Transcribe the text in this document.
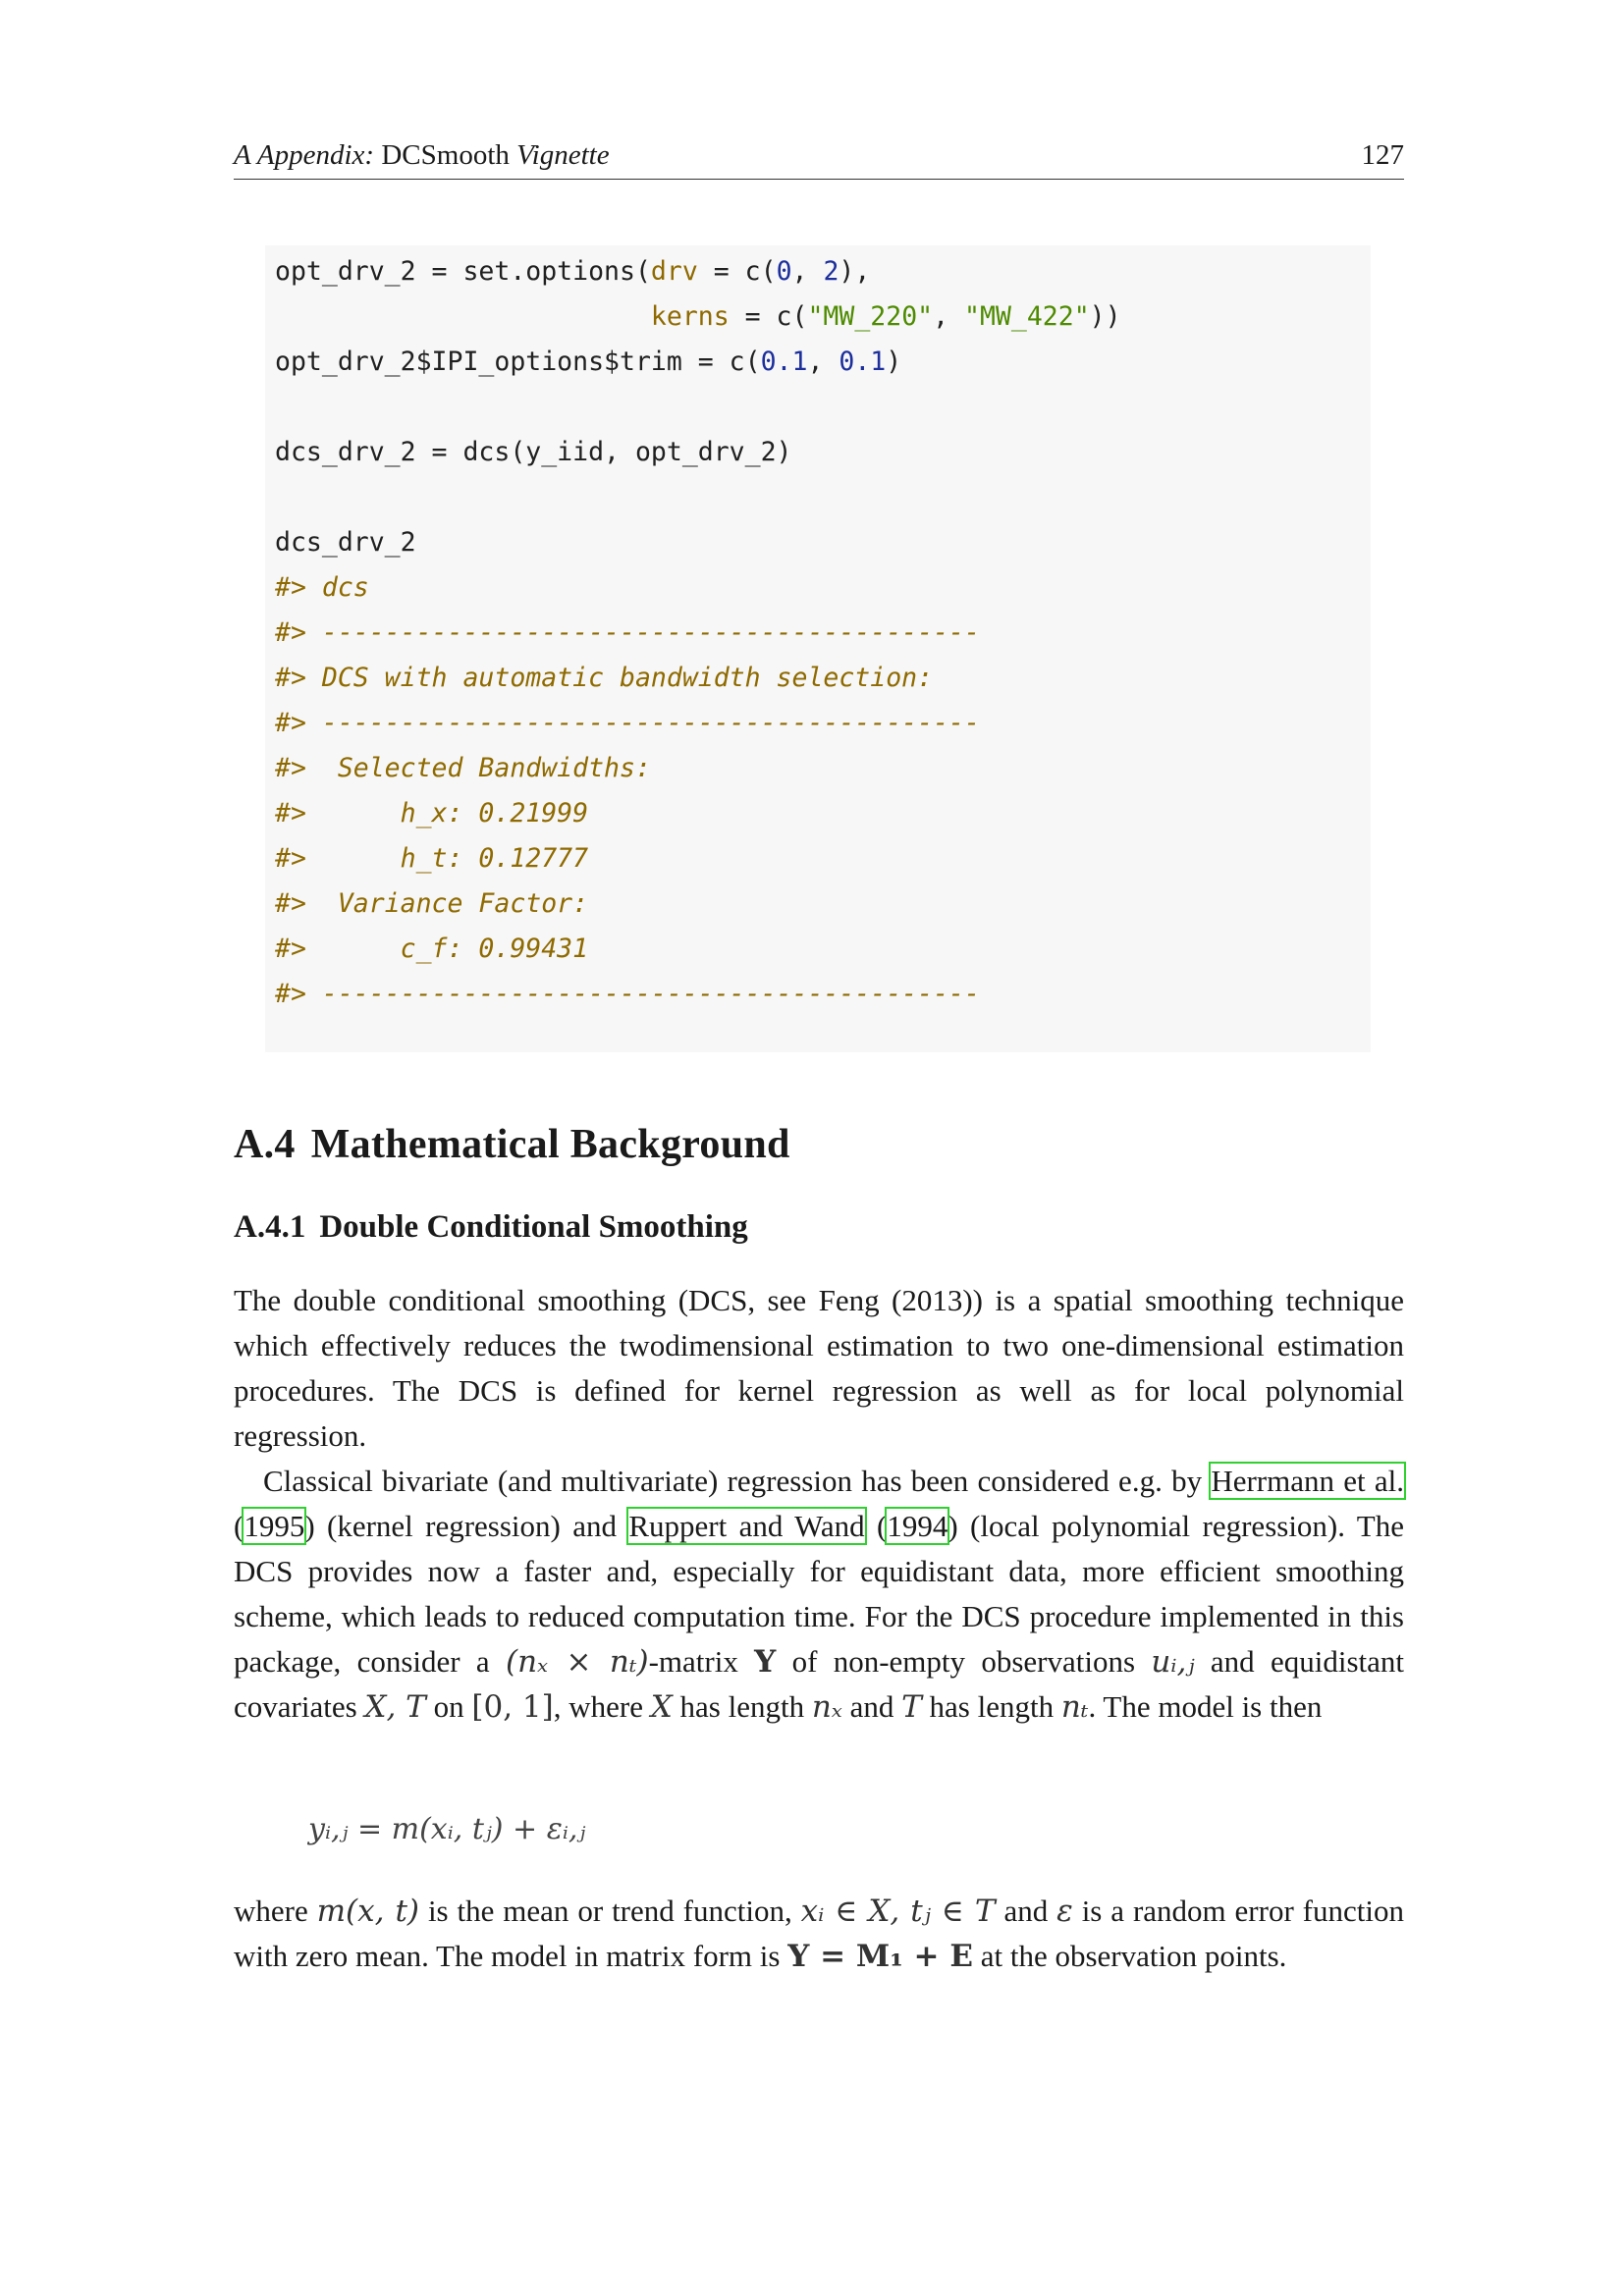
A Appendix: DCSmooth Vignette	127
opt_drv_2 = set.options(drv = c(0, 2),
kerns = c("MW_220", "MW_422"))
opt_drv_2$IPI_options$trim = c(0.1, 0.1)

dcs_drv_2 = dcs(y_iid, opt_drv_2)

dcs_drv_2
#> dcs
#> ------------------------------------------
#> DCS with automatic bandwidth selection:
#> ------------------------------------------
#>  Selected Bandwidths:
#>      h_x: 0.21999
#>      h_t: 0.12777
#>  Variance Factor:
#>      c_f: 0.99431
#> ------------------------------------------
A.4 Mathematical Background
A.4.1 Double Conditional Smoothing
The double conditional smoothing (DCS, see Feng (2013)) is a spatial smoothing technique which effectively reduces the twodimensional estimation to two one-dimensional estimation procedures. The DCS is defined for kernel regression as well as for local polynomial regression.
Classical bivariate (and multivariate) regression has been considered e.g. by Herrmann et al. (1995) (kernel regression) and Ruppert and Wand (1994) (local polynomial regression). The DCS provides now a faster and, especially for equidistant data, more efficient smoothing scheme, which leads to reduced computation time. For the DCS procedure implemented in this package, consider a (nₓ × nₜ)-matrix Y of non-empty observations uᵢ,ⱼ and equidistant covariates X, T on [0, 1], where X has length nₓ and T has length nₜ. The model is then
yᵢ,ⱼ = m(xᵢ, tⱼ) + εᵢ,ⱼ
where m(x, t) is the mean or trend function, xᵢ ∈ X, tⱼ ∈ T and ε is a random error function with zero mean. The model in matrix form is Y = M₁ + E at the observation points.
